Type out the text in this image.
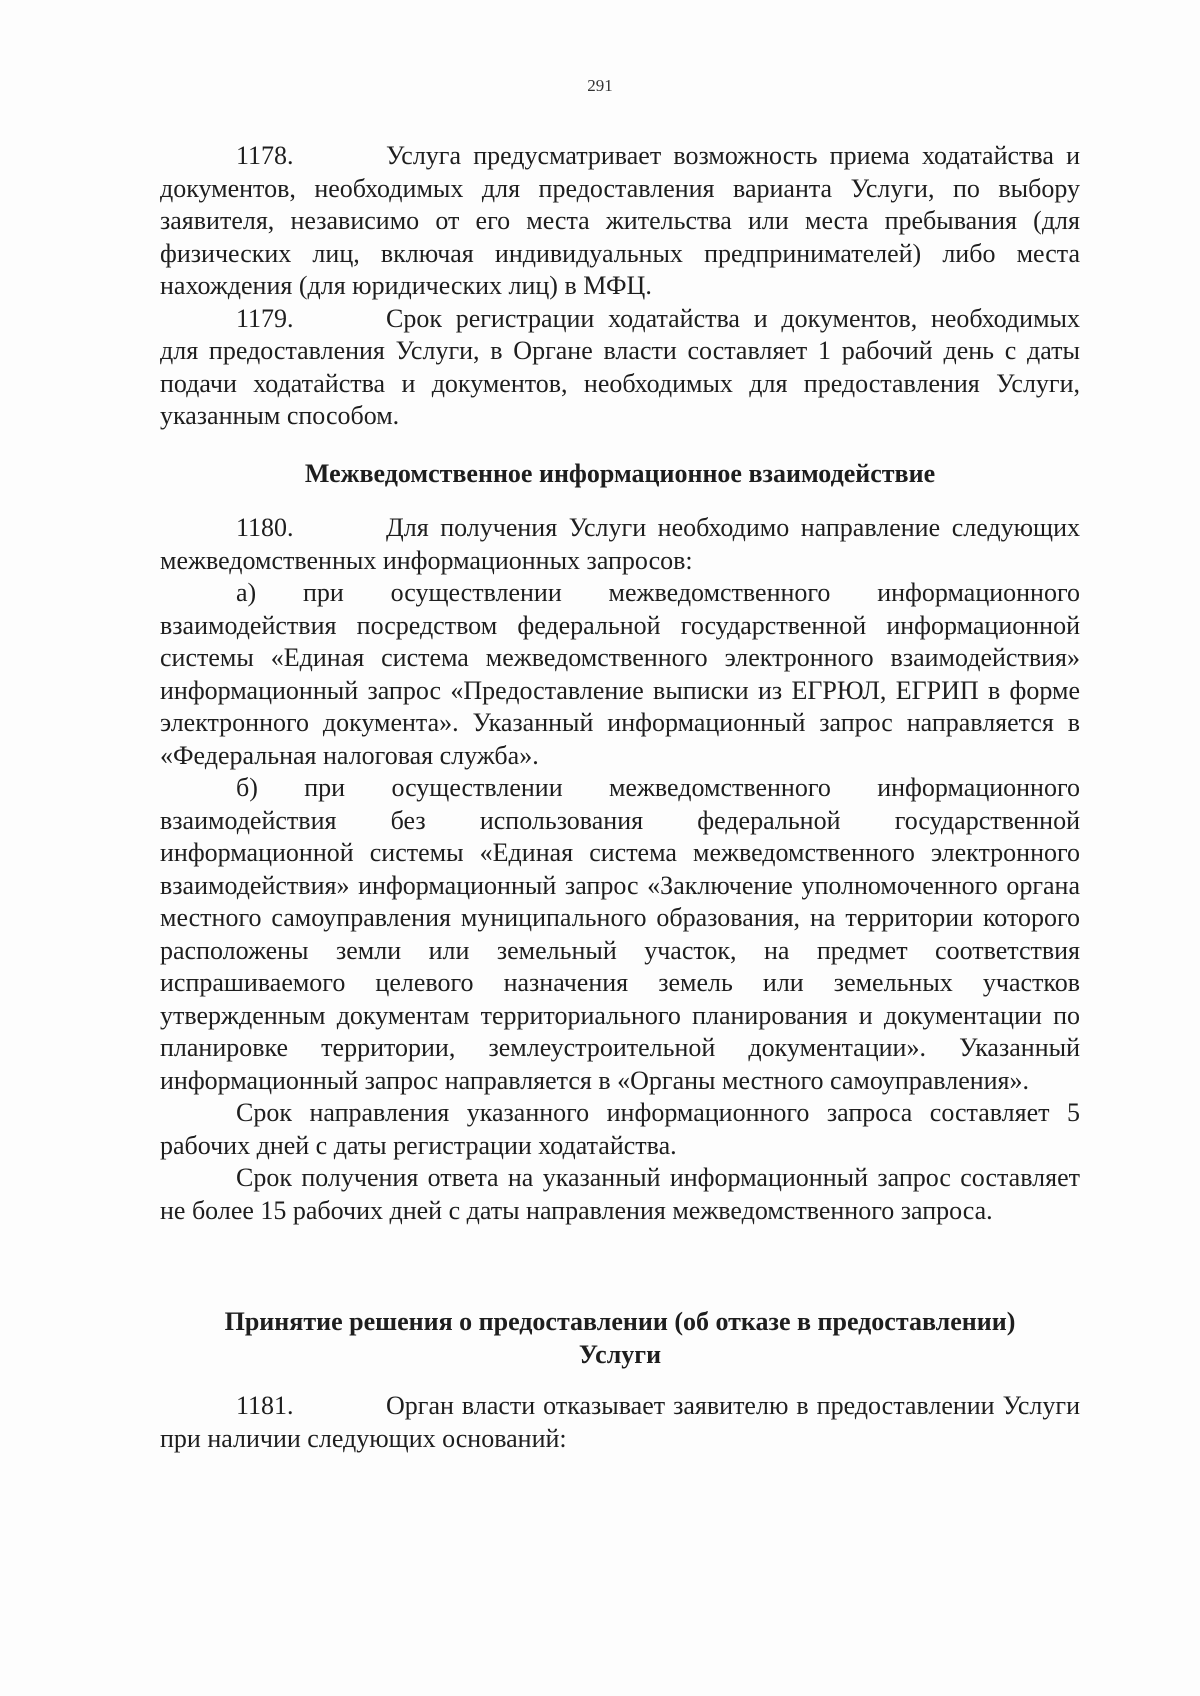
291

1178.	Услуга предусматривает возможность приема ходатайства и документов, необходимых для предоставления варианта Услуги, по выбору заявителя, независимо от его места жительства или места пребывания (для физических лиц, включая индивидуальных предпринимателей) либо места нахождения (для юридических лиц) в МФЦ.

1179.	Срок регистрации ходатайства и документов, необходимых для предоставления Услуги, в Органе власти составляет 1 рабочий день с даты подачи ходатайства и документов, необходимых для предоставления Услуги, указанным способом.

Межведомственное информационное взаимодействие

1180.	Для получения Услуги необходимо направление следующих межведомственных информационных запросов:

а) при осуществлении межведомственного информационного взаимодействия посредством федеральной государственной информационной системы «Единая система межведомственного электронного взаимодействия» информационный запрос «Предоставление выписки из ЕГРЮЛ, ЕГРИП в форме электронного документа». Указанный информационный запрос направляется в «Федеральная налоговая служба».

б) при осуществлении межведомственного информационного взаимодействия без использования федеральной государственной информационной системы «Единая система межведомственного электронного взаимодействия» информационный запрос «Заключение уполномоченного органа местного самоуправления муниципального образования, на территории которого расположены земли или земельный участок, на предмет соответствия испрашиваемого целевого назначения земель или земельных участков утвержденным документам территориального планирования и документации по планировке территории, землеустроительной документации». Указанный информационный запрос направляется в «Органы местного самоуправления».

Срок направления указанного информационного запроса составляет 5 рабочих дней с даты регистрации ходатайства.

Срок получения ответа на указанный информационный запрос составляет не более 15 рабочих дней с даты направления межведомственного запроса.

Принятие решения о предоставлении (об отказе в предоставлении)

Услуги

1181.	Орган власти отказывает заявителю в предоставлении Услуги при наличии следующих оснований:
